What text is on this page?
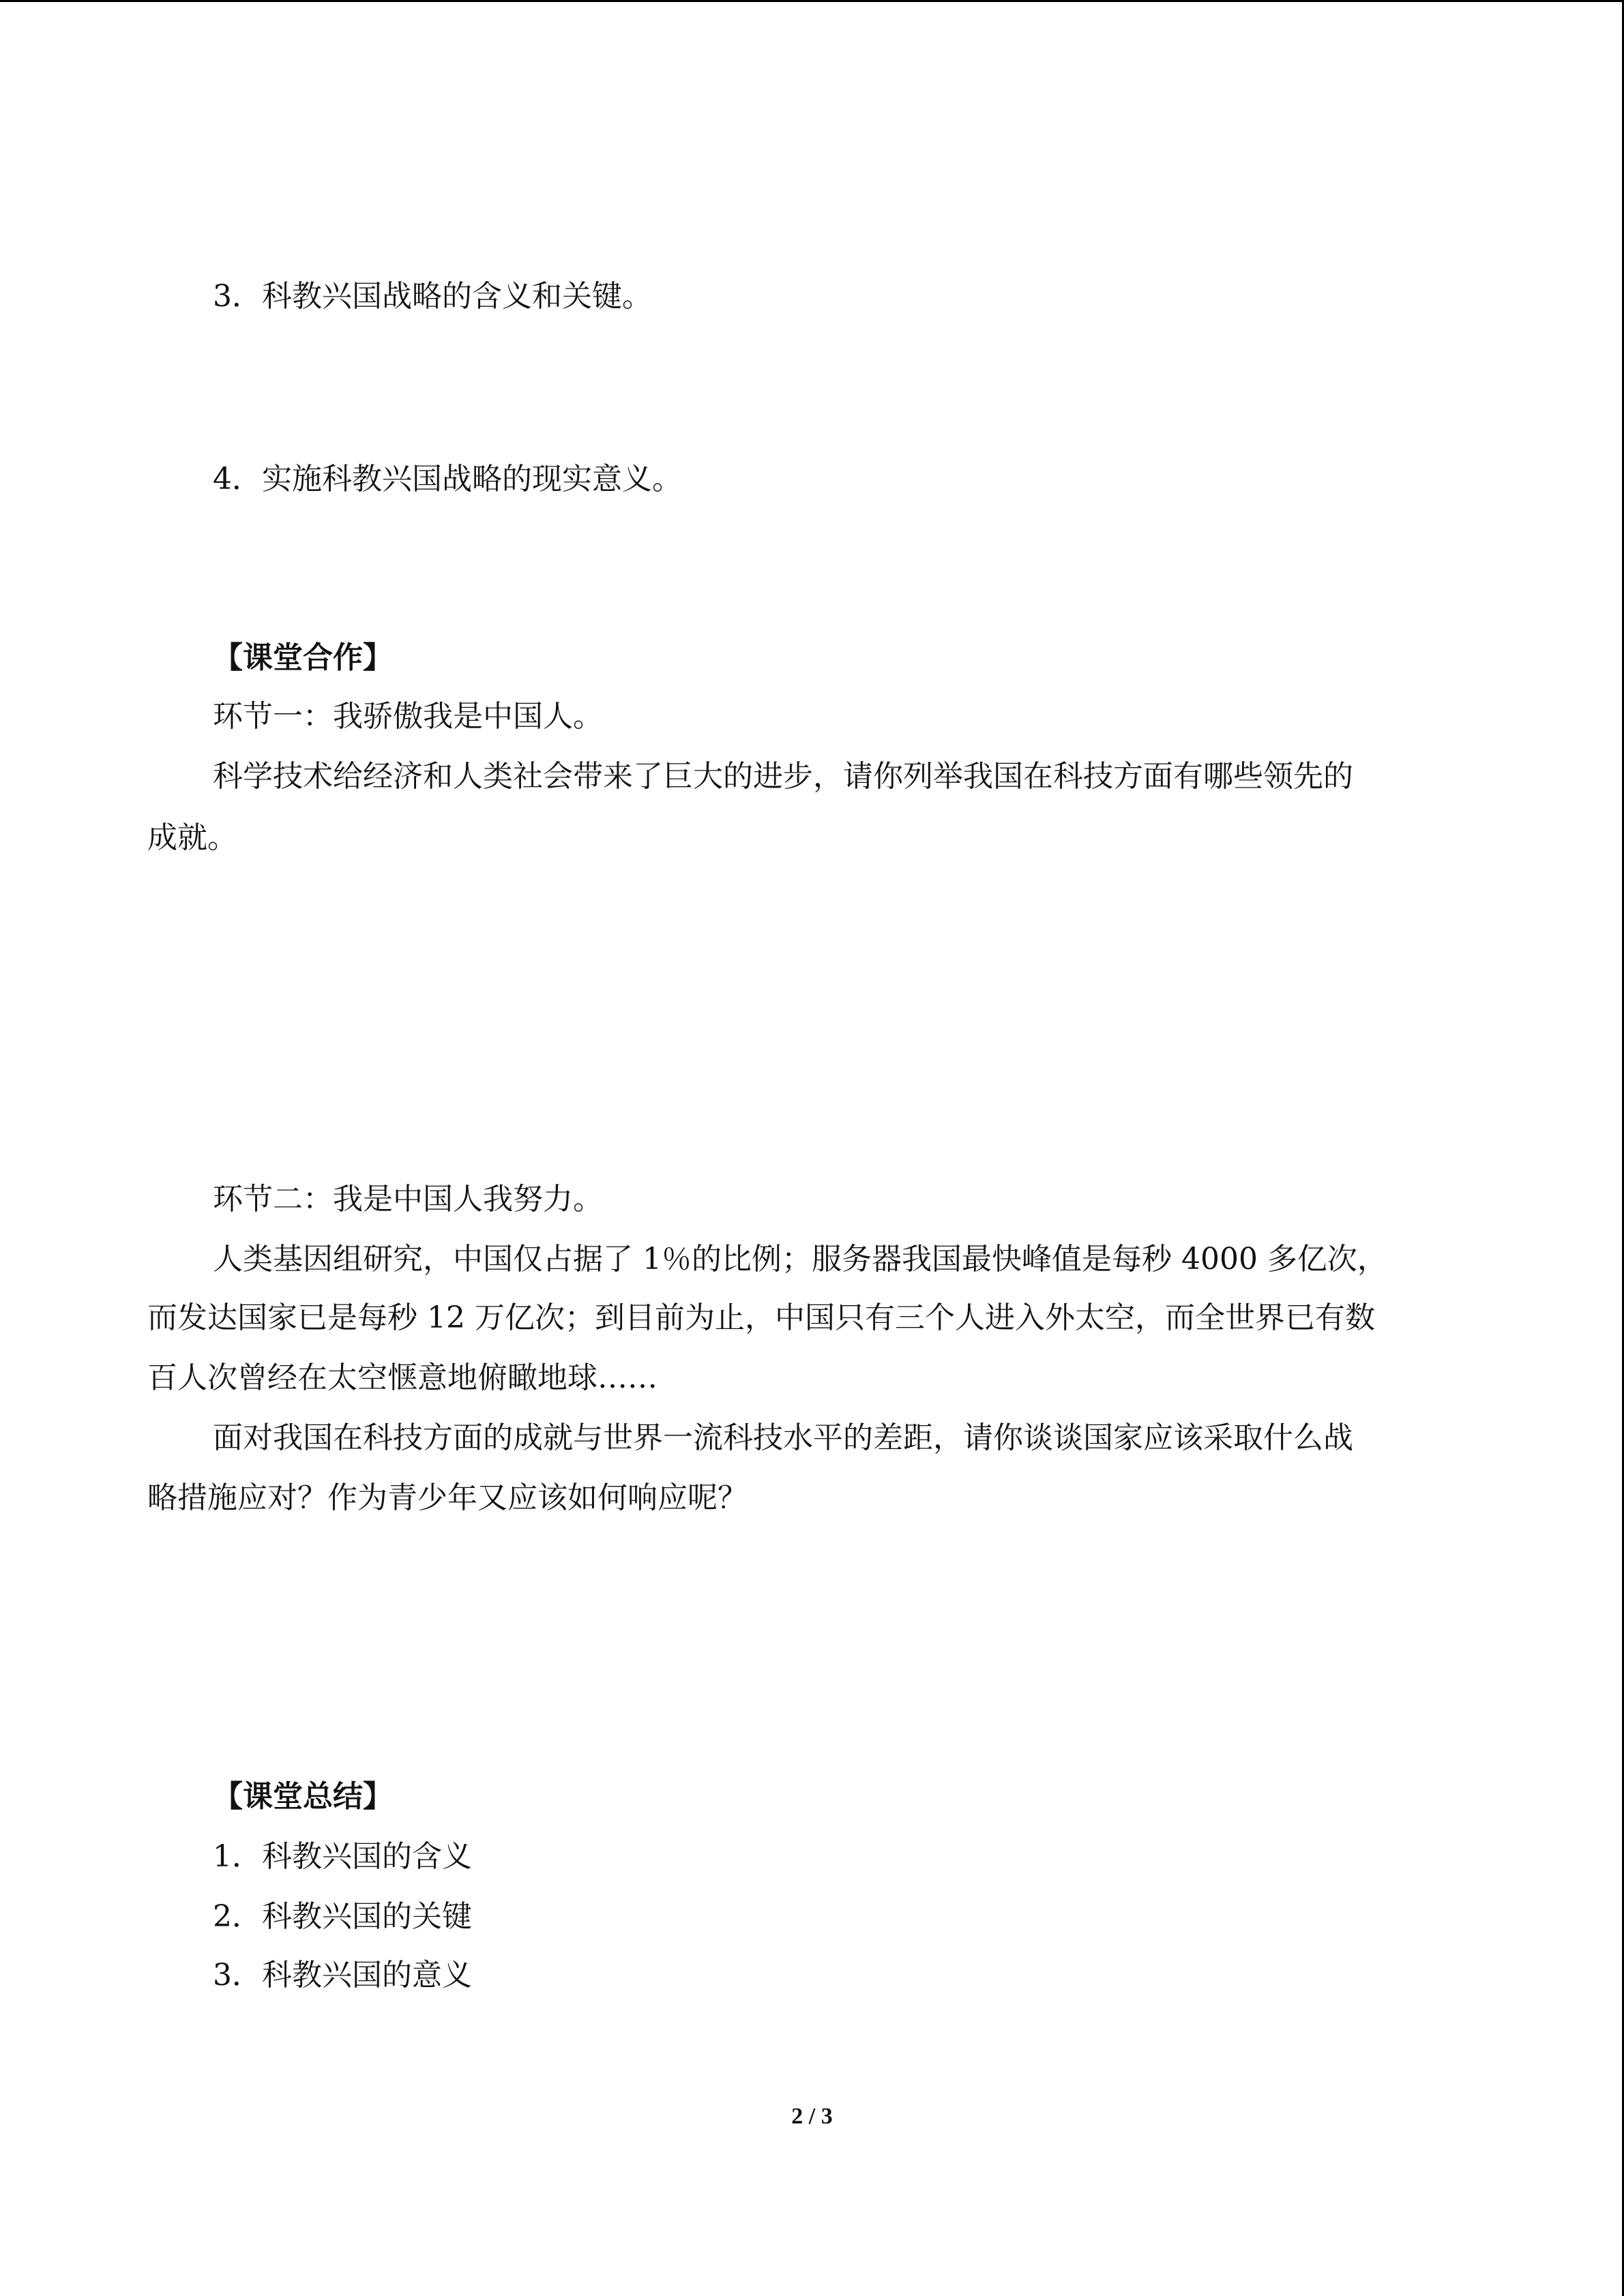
3．科教兴国战略的含义和关键。
4．实施科教兴国战略的现实意义。
【课堂合作】
环节一：我骄傲我是中国人。
科学技术给经济和人类社会带来了巨大的进步，请你列举我国在科技方面有哪些领先的
成就。
环节二：我是中国人我努力。
人类基因组研究，中国仅占据了 1％的比例；服务器我国最快峰值是每秒 4000 多亿次，
而发达国家已是每秒 12 万亿次；到目前为止，中国只有三个人进入外太空，而全世界已有数
百人次曾经在太空惬意地俯瞰地球……
面对我国在科技方面的成就与世界一流科技水平的差距，请你谈谈国家应该采取什么战
略措施应对？作为青少年又应该如何响应呢？
【课堂总结】
1．科教兴国的含义
2．科教兴国的关键
3．科教兴国的意义
2 / 3
